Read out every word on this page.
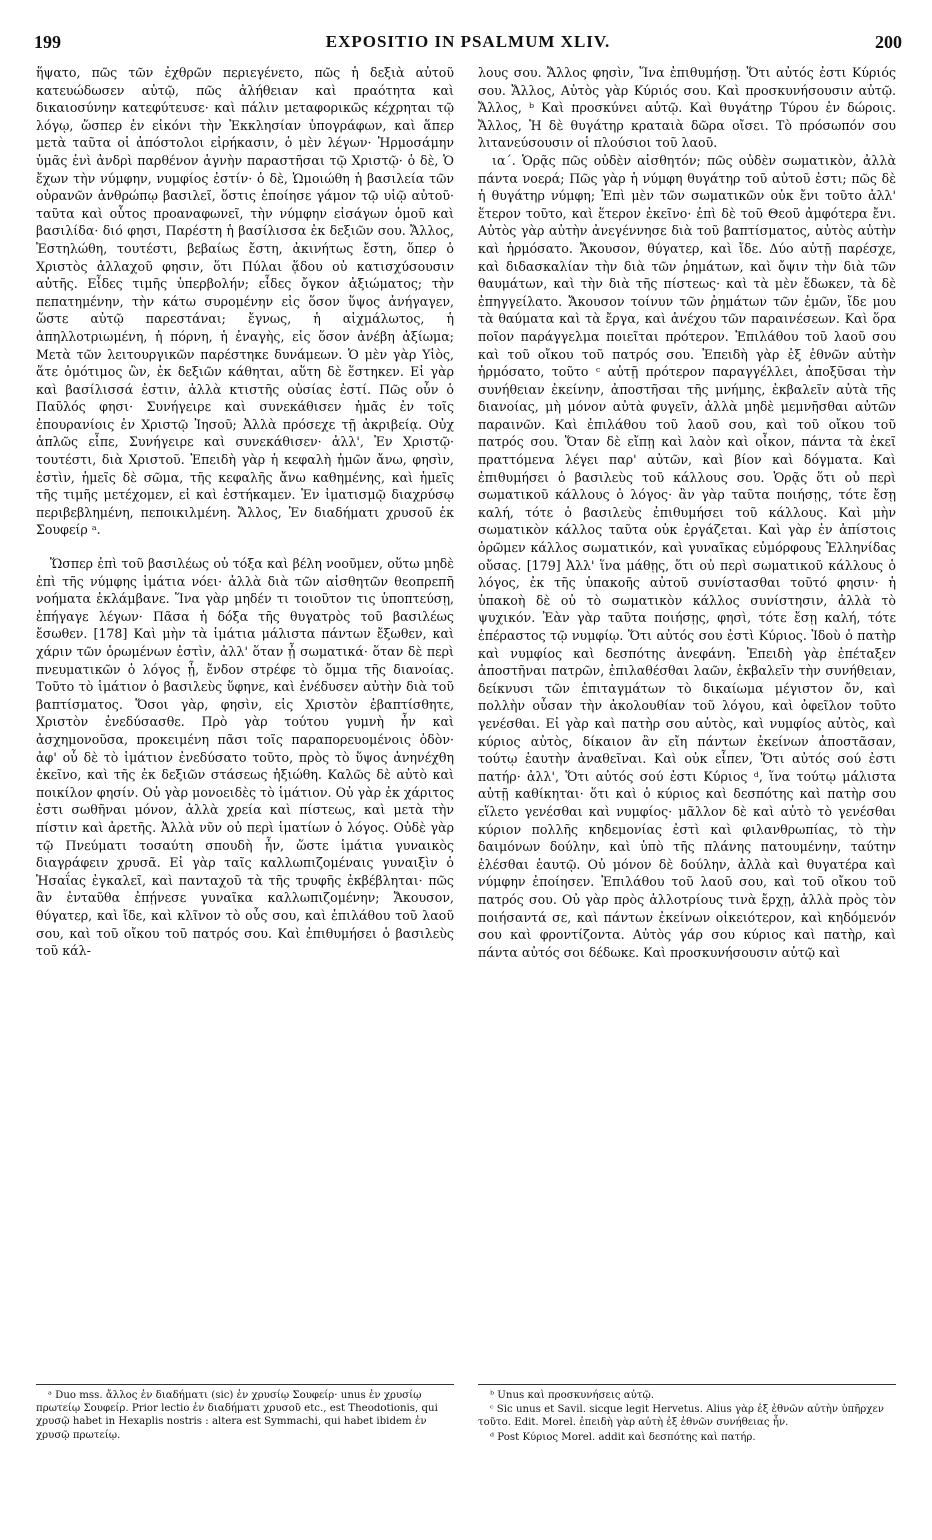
199	EXPOSITIO IN PSALMUM XLIV.	200

ἥψατο, πῶς τῶν ἐχθρῶν περιεγένετο, πῶς ἡ δεξιὰ αὐτοῦ κατευώδωσεν αὐτῷ, πῶς ἀλήθειαν καὶ πραότητα καὶ δικαιοσύνην κατεφύτευσε· καὶ πάλιν μεταφορικῶς κέχρηται τῷ λόγῳ, ὥσπερ ἐν εἰκόνι τὴν Ἐκκλησίαν ὑπογράφων, καὶ ἅπερ μετὰ ταῦτα οἱ ἀπόστολοι εἰρήκασιν, ὁ μὲν λέγων· Ἡρμοσάμην ὑμᾶς ἑνὶ ἀνδρὶ παρθένον ἁγνὴν παραστῆσαι τῷ Χριστῷ· ὁ δὲ, Ὁ ἔχων τὴν νύμφην, νυμφίος ἐστίν· ὁ δὲ, Ὡμοιώθη ἡ βασιλεία τῶν οὐρανῶν ἀνθρώπῳ βασιλεῖ, ὅστις ἐποίησε γάμον τῷ υἱῷ αὐτοῦ· ταῦτα καὶ οὗτος προαναφωνεῖ, τὴν νύμφην εἰσάγων ὁμοῦ καὶ βασιλίδα· διό φησι, Παρέστη ἡ βασίλισσα ἐκ δεξιῶν σου. Ἄλλος, Ἐστηλώθη, τουτέστι, βεβαίως ἔστη, ἀκινήτως ἔστη, ὅπερ ὁ Χριστὸς ἀλλαχοῦ φησιν, ὅτι Πύλαι ᾅδου οὐ κατισχύσουσιν αὐτῆς. Εἶδες τιμῆς ὑπερβολήν; εἶδες ὄγκον ἀξιώματος; τὴν πεπατημένην, τὴν κάτω συρομένην εἰς ὅσον ὕψος ἀνήγαγεν, ὥστε αὐτῷ παρεστάναι; ἔγνως, ἡ αἰχμάλωτος, ἡ ἀπηλλοτριωμένη, ἡ πόρνη, ἡ ἐναγὴς, εἰς ὅσον ἀνέβη ἀξίωμα; Μετὰ τῶν λειτουργικῶν παρέστηκε δυνάμεων. Ὁ μὲν γὰρ Υἱὸς, ἅτε ὁμότιμος ὢν, ἐκ δεξιῶν κάθηται, αὕτη δὲ ἕστηκεν. Εἰ γὰρ καὶ βασίλισσά ἐστιν, ἀλλὰ κτιστῆς οὐσίας ἐστί. Πῶς οὖν ὁ Παῦλός φησι· Συνήγειρε καὶ συνεκάθισεν ἡμᾶς ἐν τοῖς ἐπουρανίοις ἐν Χριστῷ Ἰησοῦ; Ἀλλὰ πρόσεχε τῇ ἀκριβείᾳ. Οὐχ ἁπλῶς εἶπε, Συνήγειρε καὶ συνεκάθισεν· ἀλλ', Ἐν Χριστῷ· τουτέστι, διὰ Χριστοῦ. Ἐπειδὴ γὰρ ἡ κεφαλὴ ἡμῶν ἄνω, φησὶν, ἐστὶν, ἡμεῖς δὲ σῶμα, τῆς κεφαλῆς ἄνω καθημένης, καὶ ἡμεῖς τῆς τιμῆς μετέχομεν, εἰ καὶ ἑστήκαμεν. Ἐν ἱματισμῷ διαχρύσῳ περιβεβλημένη, πεποικιλμένη. Ἄλλος, Ἐν διαδήματι χρυσοῦ ἐκ Σουφείρ ᵃ.

Ὥσπερ ἐπὶ τοῦ βασιλέως οὐ τόξα καὶ βέλη νοοῦμεν, οὕτω μηδὲ ἐπὶ τῆς νύμφης ἱμάτια νόει· ἀλλὰ διὰ τῶν αἰσθητῶν θεοπρεπῆ νοήματα ἐκλάμβανε. Ἵνα γὰρ μηδέν τι τοιοῦτον τις ὑποπτεύσῃ, ἐπήγαγε λέγων· Πᾶσα ἡ δόξα τῆς θυγατρὸς τοῦ βασιλέως ἔσωθεν. [178] Καὶ μὴν τὰ ἱμάτια μάλιστα πάντων ἔξωθεν, καὶ χάριν τῶν ὁρωμένων ἐστὶν, ἀλλ' ὅταν ᾖ σωματικά· ὅταν δὲ περὶ πνευματικῶν ὁ λόγος ᾖ, ἔνδον στρέφε τὸ ὄμμα τῆς διανοίας. Τοῦτο τὸ ἱμάτιον ὁ βασιλεὺς ὕφηνε, καὶ ἐνέδυσεν αὐτὴν διὰ τοῦ βαπτίσματος. Ὅσοι γὰρ, φησὶν, εἰς Χριστὸν ἐβαπτίσθητε, Χριστὸν ἐνεδύσασθε. Πρὸ γὰρ τούτου γυμνὴ ἦν καὶ ἀσχημονοῦσα, προκειμένη πᾶσι τοῖς παραπορευομένοις ὁδὸν· ἀφ' οὗ δὲ τὸ ἱμάτιον ἐνεδύσατο τοῦτο, πρὸς τὸ ὕψος ἀνηνέχθη ἐκεῖνο, καὶ τῆς ἐκ δεξιῶν στάσεως ἠξιώθη. Καλῶς δὲ αὐτὸ καὶ ποικίλον φησίν. Οὐ γὰρ μονοειδὲς τὸ ἱμάτιον. Οὐ γὰρ ἐκ χάριτος ἐστι σωθῆναι μόνον, ἀλλὰ χρεία καὶ πίστεως, καὶ μετὰ τὴν πίστιν καὶ ἀρετῆς. Ἀλλὰ νῦν οὐ περὶ ἱματίων ὁ λόγος. Οὐδὲ γὰρ τῷ Πνεύματι τοσαύτη σπουδὴ ἦν, ὥστε ἱμάτια γυναικὸς διαγράφειν χρυσᾶ. Εἰ γὰρ ταῖς καλλωπιζομέναις γυναιξὶν ὁ Ἡσαΐας ἐγκαλεῖ, καὶ πανταχοῦ τὰ τῆς τρυφῆς ἐκβέβληται· πῶς ἂν ἐνταῦθα ἐπῄνεσε γυναῖκα καλλωπιζομένην; Ἄκουσον, θύγατερ, καὶ ἴδε, καὶ κλῖνον τὸ οὖς σου, καὶ ἐπιλάθου τοῦ λαοῦ σου, καὶ τοῦ οἴκου τοῦ πατρός σου. Καὶ ἐπιθυμήσει ὁ βασιλεὺς τοῦ κάλ-

λους σου. Ἄλλος φησὶν, Ἵνα ἐπιθυμήσῃ. Ὅτι αὐτός ἐστι Κύριός σου. Ἄλλος, Αὐτὸς γὰρ Κύριός σου. Καὶ προσκυνήσουσιν αὐτῷ. Ἄλλος, ᵇ Καὶ προσκύνει αὐτῷ. Καὶ θυγάτηρ Τύρου ἐν δώροις. Ἄλλος, Ἡ δὲ θυγάτηρ κραταιὰ δῶρα οἴσει. Τὸ πρόσωπόν σου λιτανεύσουσιν οἱ πλούσιοι τοῦ λαοῦ.

ια΄. Ὁρᾷς πῶς οὐδὲν αἰσθητόν; πῶς οὐδὲν σωματικὸν, ἀλλὰ πάντα νοερά; Πῶς γὰρ ἡ νύμφη θυγάτηρ τοῦ αὐτοῦ ἐστι; πῶς δὲ ἡ θυγάτηρ νύμφη; Ἐπὶ μὲν τῶν σωματικῶν οὐκ ἔνι τοῦτο ἀλλ' ἕτερον τοῦτο, καὶ ἕτερον ἐκεῖνο· ἐπὶ δὲ τοῦ Θεοῦ ἀμφότερα ἔνι. Αὐτὸς γὰρ αὐτὴν ἀνεγέννησε διὰ τοῦ βαπτίσματος, αὐτὸς αὐτὴν καὶ ἡρμόσατο. Ἄκουσον, θύγατερ, καὶ ἴδε. Δύο αὐτῇ παρέσχε, καὶ διδασκαλίαν τὴν διὰ τῶν ῥημάτων, καὶ ὄψιν τὴν διὰ τῶν θαυμάτων, καὶ τὴν διὰ τῆς πίστεως· καὶ τὰ μὲν ἔδωκεν, τὰ δὲ ἐπηγγείλατο. Ἄκουσον τοίνυν τῶν ῥημάτων τῶν ἐμῶν, ἴδε μου τὰ θαύματα καὶ τὰ ἔργα, καὶ ἀνέχου τῶν παραινέσεων. Καὶ ὅρα ποῖον παράγγελμα ποιεῖται πρότερον. Ἐπιλάθου τοῦ λαοῦ σου καὶ τοῦ οἴκου τοῦ πατρός σου. Ἐπειδὴ γὰρ ἐξ ἐθνῶν αὐτὴν ἡρμόσατο, τοῦτο ᶜ αὐτῇ πρότερον παραγγέλλει, ἀποξῦσαι τὴν συνήθειαν ἐκείνην, ἀποστῆσαι τῆς μνήμης, ἐκβαλεῖν αὐτὰ τῆς διανοίας, μὴ μόνον αὐτὰ φυγεῖν, ἀλλὰ μηδὲ μεμνῆσθαι αὐτῶν παραινῶν. Καὶ ἐπιλάθου τοῦ λαοῦ σου, καὶ τοῦ οἴκου τοῦ πατρός σου. Ὅταν δὲ εἴπῃ καὶ λαὸν καὶ οἶκον, πάντα τὰ ἐκεῖ πραττόμενα λέγει παρ' αὐτῶν, καὶ βίον καὶ δόγματα. Καὶ ἐπιθυμήσει ὁ βασιλεὺς τοῦ κάλλους σου. Ὁρᾷς ὅτι οὐ περὶ σωματικοῦ κάλλους ὁ λόγος· ἂν γὰρ ταῦτα ποιήσῃς, τότε ἔσῃ καλή, τότε ὁ βασιλεὺς ἐπιθυμήσει τοῦ κάλλους. Καὶ μὴν σωματικὸν κάλλος ταῦτα οὐκ ἐργάζεται. Καὶ γὰρ ἐν ἀπίστοις ὁρῶμεν κάλλος σωματικόν, καὶ γυναῖκας εὐμόρφους Ἑλληνίδας οὔσας. [179] Ἀλλ' ἵνα μάθῃς, ὅτι οὐ περὶ σωματικοῦ κάλλους ὁ λόγος, ἐκ τῆς ὑπακοῆς αὐτοῦ συνίστασθαι τοῦτό φησιν· ἡ ὑπακοὴ δὲ οὐ τὸ σωματικὸν κάλλος συνίστησιν, ἀλλὰ τὸ ψυχικόν. Ἐὰν γὰρ ταῦτα ποιήσῃς, φησὶ, τότε ἔσῃ καλή, τότε ἐπέραστος τῷ νυμφίῳ. Ὅτι αὐτός σου ἐστὶ Κύριος. Ἰδοὺ ὁ πατὴρ καὶ νυμφίος καὶ δεσπότης ἀνεφάνη. Ἐπειδὴ γὰρ ἐπέταξεν ἀποστῆναι πατρῶν, ἐπιλαθέσθαι λαῶν, ἐκβαλεῖν τὴν συνήθειαν, δείκνυσι τῶν ἐπιταγμάτων τὸ δικαίωμα μέγιστον ὄν, καὶ πολλὴν οὖσαν τὴν ἀκολουθίαν τοῦ λόγου, καὶ ὀφεῖλον τοῦτο γενέσθαι. Εἰ γὰρ καὶ πατὴρ σου αὐτὸς, καὶ νυμφίος αὐτὸς, καὶ κύριος αὐτὸς, δίκαιον ἂν εἴη πάντων ἐκείνων ἀποστᾶσαν, τούτῳ ἑαυτὴν ἀναθεῖναι. Καὶ οὐκ εἶπεν, Ὅτι αὐτός σού ἐστι πατήρ· ἀλλ', Ὅτι αὐτός σού ἐστι Κύριος ᵈ, ἵνα τούτῳ μάλιστα αὐτῇ καθίκηται· ὅτι καὶ ὁ κύριος καὶ δεσπότης καὶ πατὴρ σου εἵλετο γενέσθαι καὶ νυμφίος· μᾶλλον δὲ καὶ αὐτὸ τὸ γενέσθαι κύριον πολλῆς κηδεμονίας ἐστὶ καὶ φιλανθρωπίας, τὸ τὴν δαιμόνων δούλην, καὶ ὑπὸ τῆς πλάνης πατουμένην, ταύτην ἐλέσθαι ἑαυτῷ. Οὐ μόνον δὲ δούλην, ἀλλὰ καὶ θυγατέρα καὶ νύμφην ἐποίησεν. Ἐπιλάθου τοῦ λαοῦ σου, καὶ τοῦ οἴκου τοῦ πατρός σου. Οὐ γὰρ πρὸς ἀλλοτρίους τινὰ ἔρχῃ, ἀλλὰ πρὸς τὸν ποιήσαντά σε, καὶ πάντων ἐκείνων οἰκειότερον, καὶ κηδόμενόν σου καὶ φροντίζοντα. Αὐτὸς γάρ σου κύριος καὶ πατὴρ, καὶ πάντα αὐτός σοι δέδωκε. Καὶ προσκυνήσουσιν αὐτῷ καὶ

ᵃ Duo mss. ἄλλος ἐν διαδήματι (sic) ἐν χρυσίῳ Σουφείρ· unus ἐν χρυσίῳ πρωτείῳ Σουφείρ. Prior lectio ἐν διαδήματι χρυσοῦ etc., est Theodotionis, qui χρυσῷ habet in Hexaplis nostris : altera est Symmachi, qui habet ibidem ἐν χρυσῷ πρωτείῳ.
ᵇ Unus καὶ προσκυνήσεις αὐτῷ.
ᶜ Sic unus et Savil. sicque legit Hervetus. Alius γὰρ ἐξ ἐθνῶν αὐτὴν ὑπῆρχεν τοῦτο. Edit. Morel. ἐπειδὴ γὰρ αὐτὴ ἐξ ἐθνῶν συνήθειας ἦν.
ᵈ Post Κύριος Morel. addit καὶ δεσπότης καὶ πατήρ.
